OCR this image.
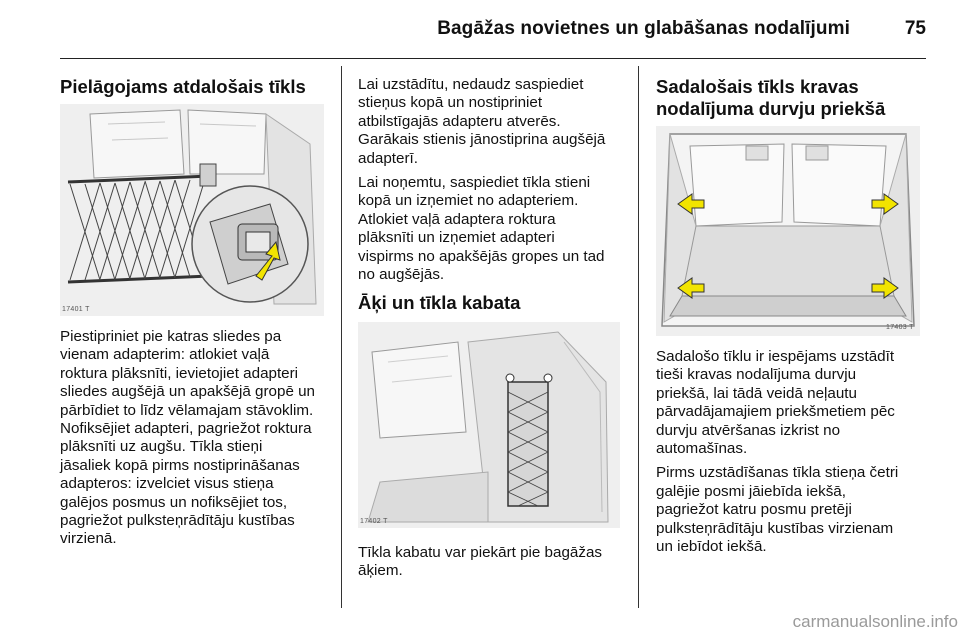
Bagāžas novietnes un glabāšanas nodalījumi	75
Pielāgojams atdalošais tīkls
17401 T

Piestipriniet pie katras sliedes pa
vienam adapterim: atlokiet vaļā
roktura plāksnīti, ievietojiet adapteri
sliedes augšējā un apakšējā gropē un
pārbīdiet to līdz vēlamajam stāvoklim.
Nofiksējiet adapteri, pagriežot roktura
plāksnīti uz augšu. Tīkla stieņi
jāsaliek kopā pirms nostiprināšanas
adapteros: izvelciet visus stieņa
galējos posmus un nofiksējiet tos,
pagriežot pulksteņrādītāju kustības
virzienā.

Lai uzstādītu, nedaudz saspiediet
stieņus kopā un nostipriniet
atbilstīgajās adapteru atverēs.
Garākais stienis jānostiprina augšējā
adapterī.

Lai noņemtu, saspiediet tīkla stieni
kopā un izņemiet no adapteriem.
Atlokiet vaļā adaptera roktura
plāksnīti un izņemiet adapteri
vispirms no apakšējās gropes un tad
no augšējās.

Āķi un tīkla kabata
17402 T

Tīkla kabatu var piekārt pie bagāžas
āķiem.

Sadalošais tīkls kravas
nodalījuma durvju priekšā
17403 T

Sadalošo tīklu ir iespējams uzstādīt
tieši kravas nodalījuma durvju
priekšā, lai tādā veidā neļautu
pārvadājamajiem priekšmetiem pēc
durvju atvēršanas izkrist no
automašīnas.

Pirms uzstādīšanas tīkla stieņa četri
galējie posmi jāiebīda iekšā,
pagriežot katru posmu pretēji
pulksteņrādītāju kustības virzienam
un iebīdot iekšā.

carmanualsonline.info
